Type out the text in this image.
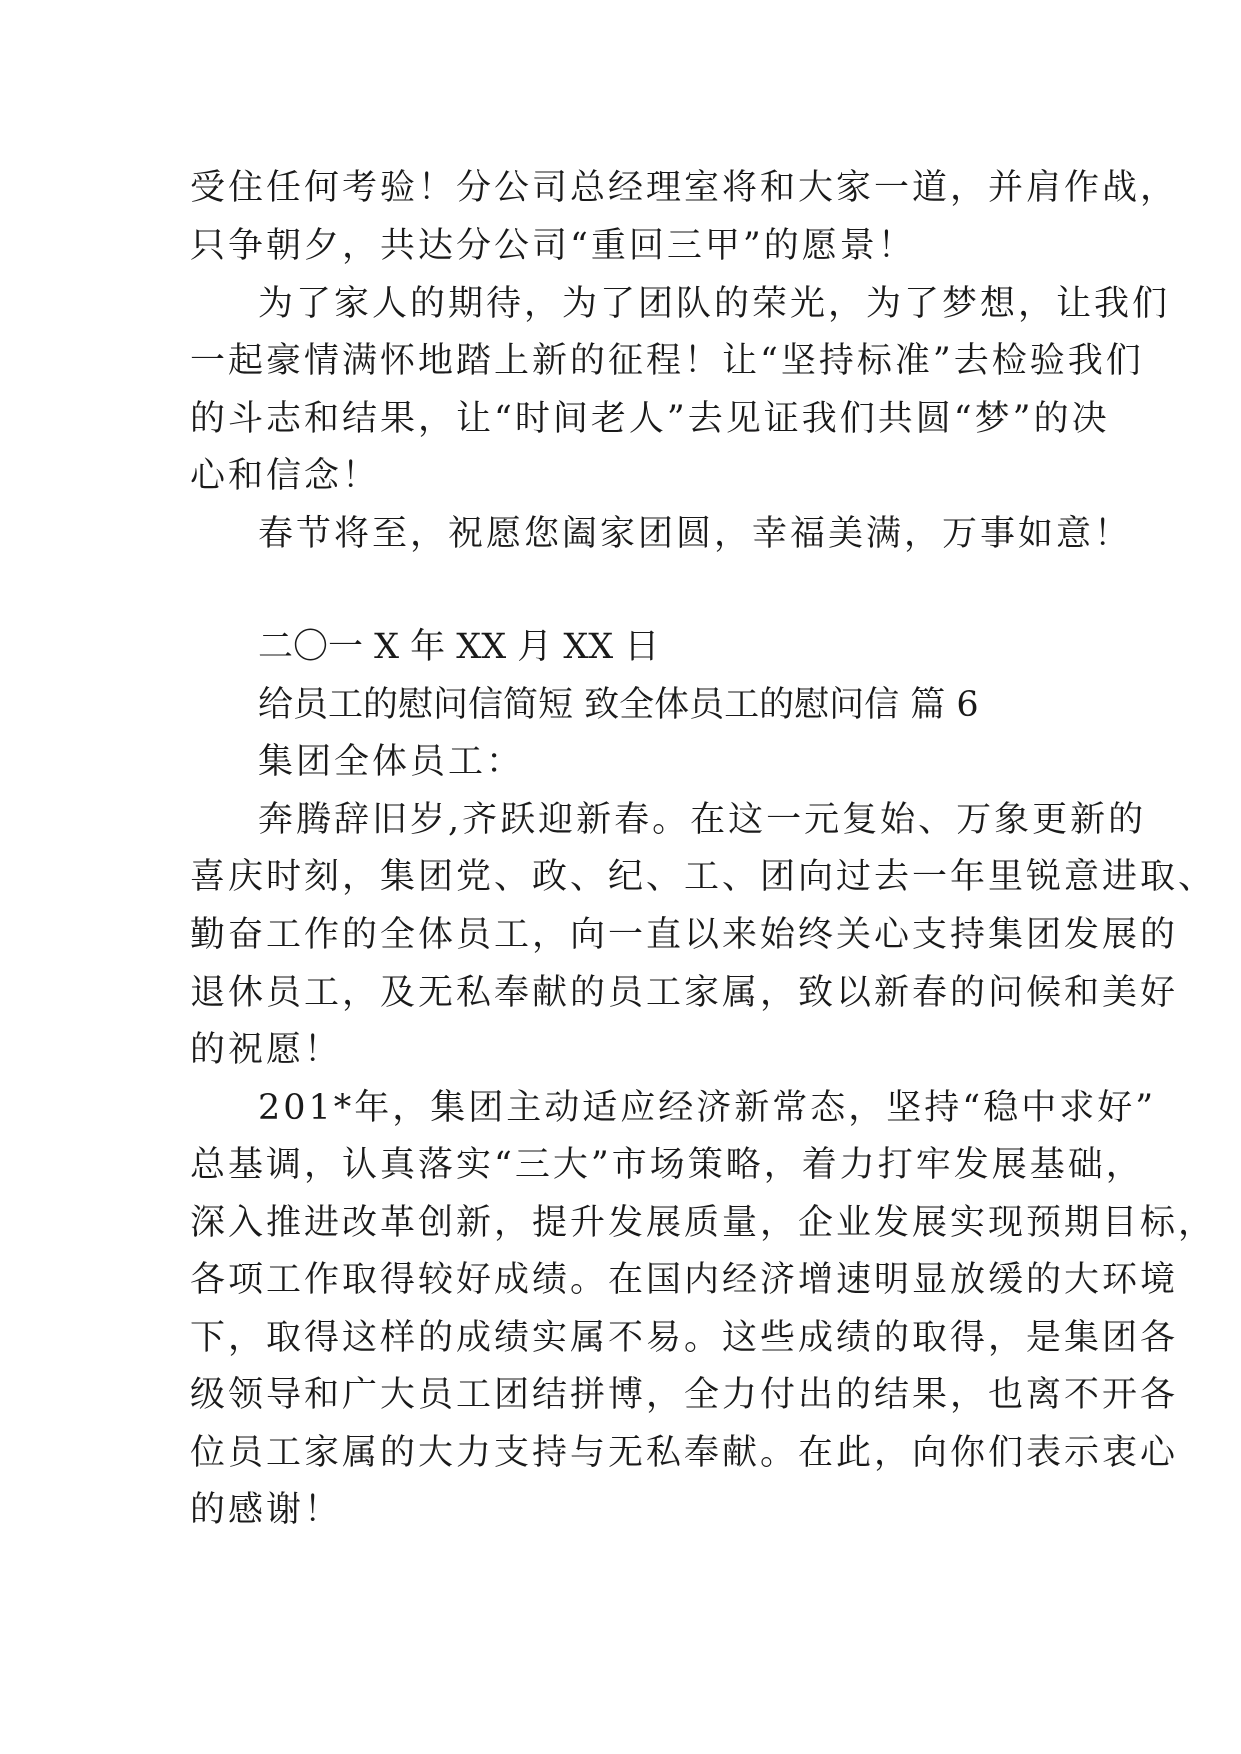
受住任何考验！分公司总经理室将和大家一道，并肩作战，
只争朝夕，共达分公司“重回三甲”的愿景！
为了家人的期待，为了团队的荣光，为了梦想，让我们
一起豪情满怀地踏上新的征程！让“坚持标准”去检验我们
的斗志和结果，让“时间老人”去见证我们共圆“梦”的决
心和信念！
春节将至，祝愿您阖家团圆，幸福美满，万事如意！
二〇一 X 年 XX 月 XX 日
给员工的慰问信简短 致全体员工的慰问信 篇 6
集团全体员工：
奔腾辞旧岁,齐跃迎新春。在这一元复始、万象更新的
喜庆时刻，集团党、政、纪、工、团向过去一年里锐意进取、
勤奋工作的全体员工，向一直以来始终关心支持集团发展的
退休员工，及无私奉献的员工家属，致以新春的问候和美好
的祝愿！
201*年，集团主动适应经济新常态，坚持“稳中求好”
总基调，认真落实“三大”市场策略，着力打牢发展基础，
深入推进改革创新，提升发展质量，企业发展实现预期目标，
各项工作取得较好成绩。在国内经济增速明显放缓的大环境
下，取得这样的成绩实属不易。这些成绩的取得，是集团各
级领导和广大员工团结拼博，全力付出的结果，也离不开各
位员工家属的大力支持与无私奉献。在此，向你们表示衷心
的感谢！
